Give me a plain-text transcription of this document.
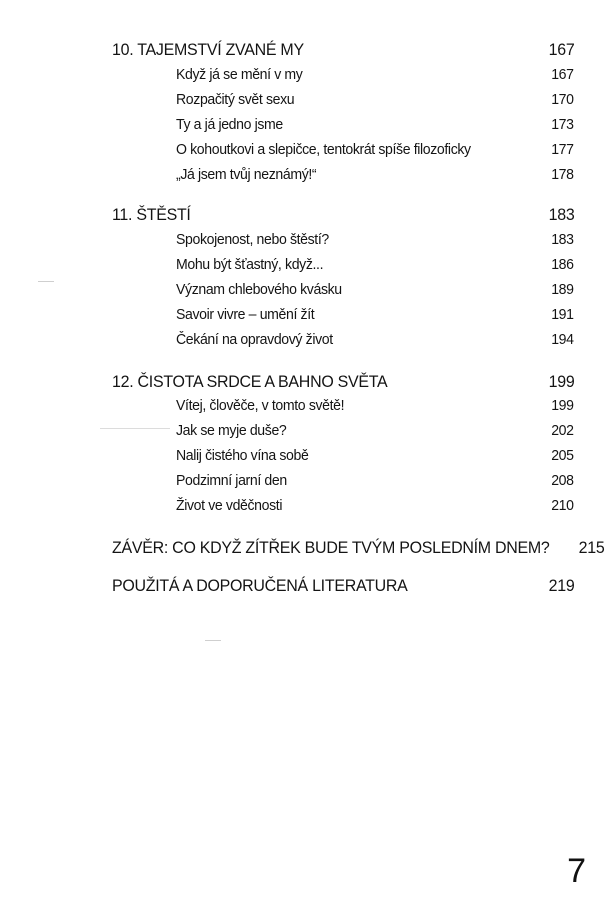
10. TAJEMSTVÍ ZVANÉ MY	167
Když já se mění v my	167
Rozpačitý svět sexu	170
Ty a já jedno jsme	173
O kohoutkovi a slepičce, tentokrát spíše filozoficky	177
„Já jsem tvůj neznámý!“	178
11. ŠTĚSTÍ	183
Spokojenost, nebo štěstí?	183
Mohu být šťastný, když...	186
Význam chlebového kvásku	189
Savoir vivre – umění žít	191
Čekání na opravdový život	194
12. ČISTOTA SRDCE A BAHNO SVĚTA	199
Vítej, člověče, v tomto světě!	199
Jak se myje duše?	202
Nalij čistého vína sobě	205
Podzimní jarní den	208
Život ve vděčnosti	210
ZÁVĚR: CO KDYŽ ZÍTŘEK BUDE TVÝM POSLEDNÍM DNEM? 215
POUŽITÁ A DOPORUČENÁ LITERATURA	219
7
